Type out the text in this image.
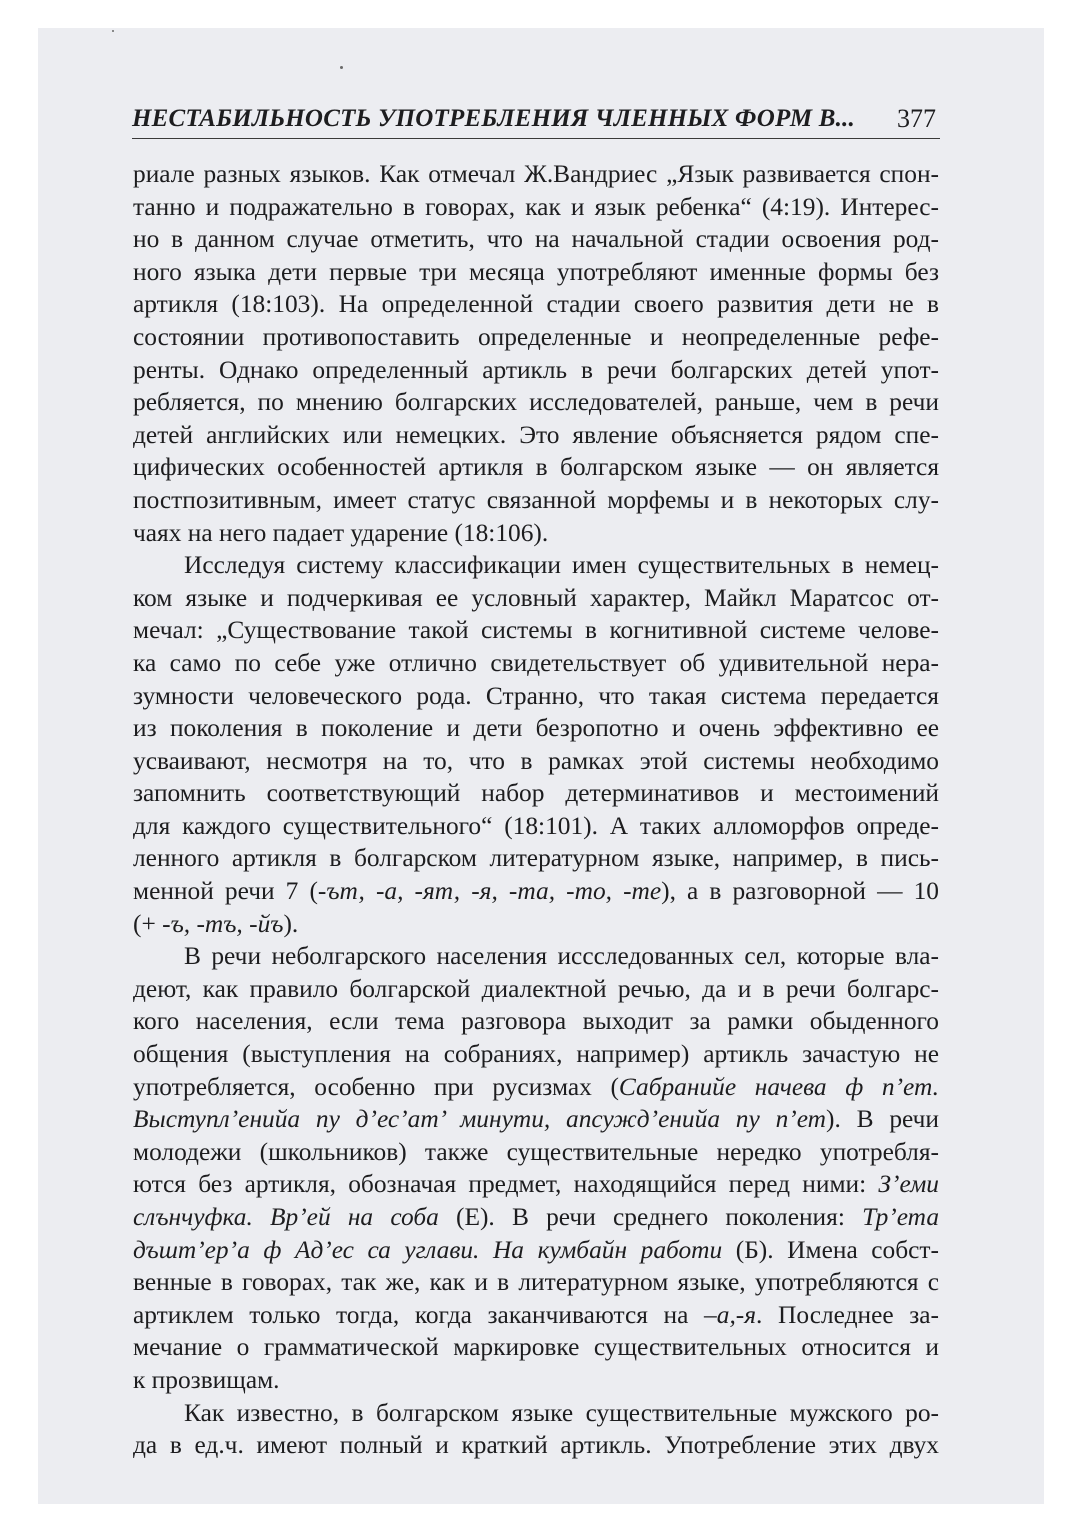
НЕСТАБИЛЬНОСТЬ УПОТРЕБЛЕНИЯ ЧЛЕННЫХ ФОРМ В... 377

риале разных языков. Как отмечал Ж.Вандриес „Язык развивается спон-
танно и подражательно в говорах, как и язык ребенка“ (4:19). Интерес-
но в данном случае отметить, что на начальной стадии освоения род-
ного языка дети первые три месяца употребляют именные формы без
артикля (18:103). На определенной стадии своего развития дети не в
состоянии противопоставить определенные и неопределенные рефе-
ренты. Однако определенный артикль в речи болгарских детей упот-
ребляется, по мнению болгарских исследователей, раньше, чем в речи
детей английских или немецких. Это явление объясняется рядом спе-
цифических особенностей артикля в болгарском языке — он является
постпозитивным, имеет статус связанной морфемы и в некоторых слу-
чаях на него падает ударение (18:106).

Исследуя систему классификации имен существительных в немец-
ком языке и подчеркивая ее условный характер, Майкл Маратсос от-
мечал: „Существование такой системы в когнитивной системе челове-
ка само по себе уже отлично свидетельствует об удивительной нера-
зумности человеческого рода. Странно, что такая система передается
из поколения в поколение и дети безропотно и очень эффективно ее
усваивают, несмотря на то, что в рамках этой системы необходимо
запомнить соответствующий набор детерминативов и местоимений
для каждого существительного“ (18:101). А таких алломорфов опреде-
ленного артикля в болгарском литературном языке, например, в пись-
менной речи 7 (-ът, -а, -ят, -я, -та, -то, -те), а в разговорной — 10
(+ -ъ, -тъ, -йъ).

В речи неболгарского населения иссследованных сел, которые вла-
деют, как правило болгарской диалектной речью, да и в речи болгарс-
кого населения, если тема разговора выходит за рамки обыденного
общения (выступления на собраниях, например) артикль зачастую не
употребляется, особенно при русизмах (Сабранийе начева ф п’ет.
Выступл’енийа пу д’ес’ат’ минути, апсужд’енийа пу п’ет). В речи
молодежи (школьников) также существительные нередко употребля-
ются без артикля, обозначая предмет, находящийся перед ними: З’еми
слънчуфка. Вр’ей на соба (Е). В речи среднего поколения: Тр’ета
дъшт’ер’а ф Ад’ес са углави. На кумбайн работи (Б). Имена собст-
венные в говорах, так же, как и в литературном языке, употребляются с
артиклем только тогда, когда заканчиваются на –а,-я. Последнее за-
мечание о грамматической маркировке существительных относится и
к прозвищам.

Как известно, в болгарском языке существительные мужского ро-
да в ед.ч. имеют полный и краткий артикль. Употребление этих двух
